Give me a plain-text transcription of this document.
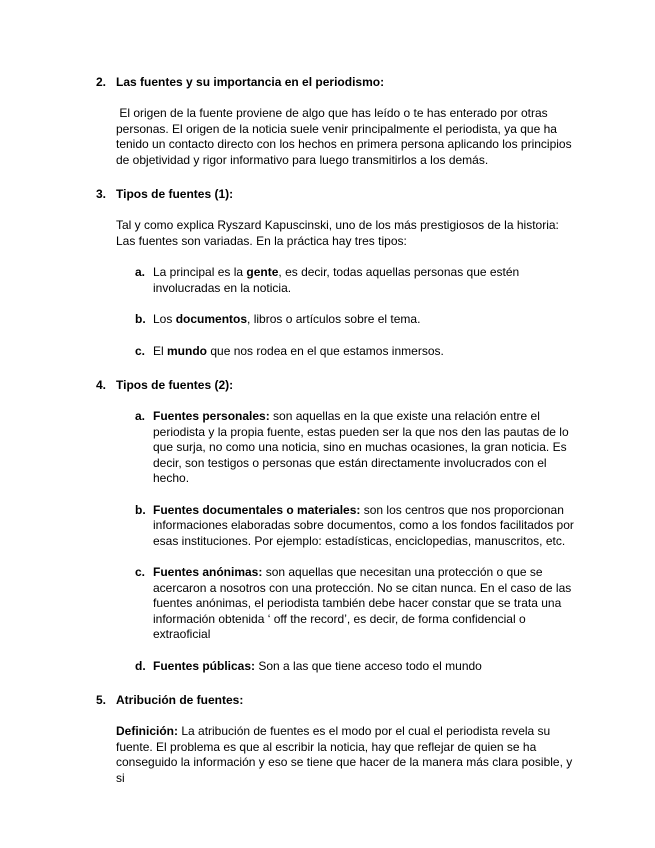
2. Las fuentes y su importancia en el periodismo:
El origen de la fuente proviene de algo que has leído o te has enterado por otras personas. El origen de la noticia suele venir principalmente el periodista, ya que ha tenido un contacto directo con los hechos en primera persona aplicando los principios de objetividad y rigor informativo para luego transmitirlos a los demás.
3. Tipos de fuentes (1):
Tal y como explica Ryszard Kapuscinski, uno de los más prestigiosos de la historia: Las fuentes son variadas. En la práctica hay tres tipos:
a. La principal es la gente, es decir, todas aquellas personas que estén involucradas en la noticia.
b. Los documentos, libros o artículos sobre el tema.
c. El mundo que nos rodea en el que estamos inmersos.
4. Tipos de fuentes (2):
a. Fuentes personales: son aquellas en la que existe una relación entre el periodista y la propia fuente, estas pueden ser la que nos den las pautas de lo que surja, no como una noticia, sino en muchas ocasiones, la gran noticia. Es decir, son testigos o personas que están directamente involucrados con el hecho.
b. Fuentes documentales o materiales: son los centros que nos proporcionan informaciones elaboradas sobre documentos, como a los fondos facilitados por esas instituciones. Por ejemplo: estadísticas, enciclopedias, manuscritos, etc.
c. Fuentes anónimas: son aquellas que necesitan una protección o que se acercaron a nosotros con una protección. No se citan nunca. En el caso de las fuentes anónimas, el periodista también debe hacer constar que se trata una información obtenida ‘ off the record’, es decir, de forma confidencial o extraoficial
d. Fuentes públicas: Son a las que tiene acceso todo el mundo
5. Atribución de fuentes:
Definición: La atribución de fuentes es el modo por el cual el periodista revela su fuente. El problema es que al escribir la noticia, hay que reflejar de quien se ha conseguido la información y eso se tiene que hacer de la manera más clara posible, y si
